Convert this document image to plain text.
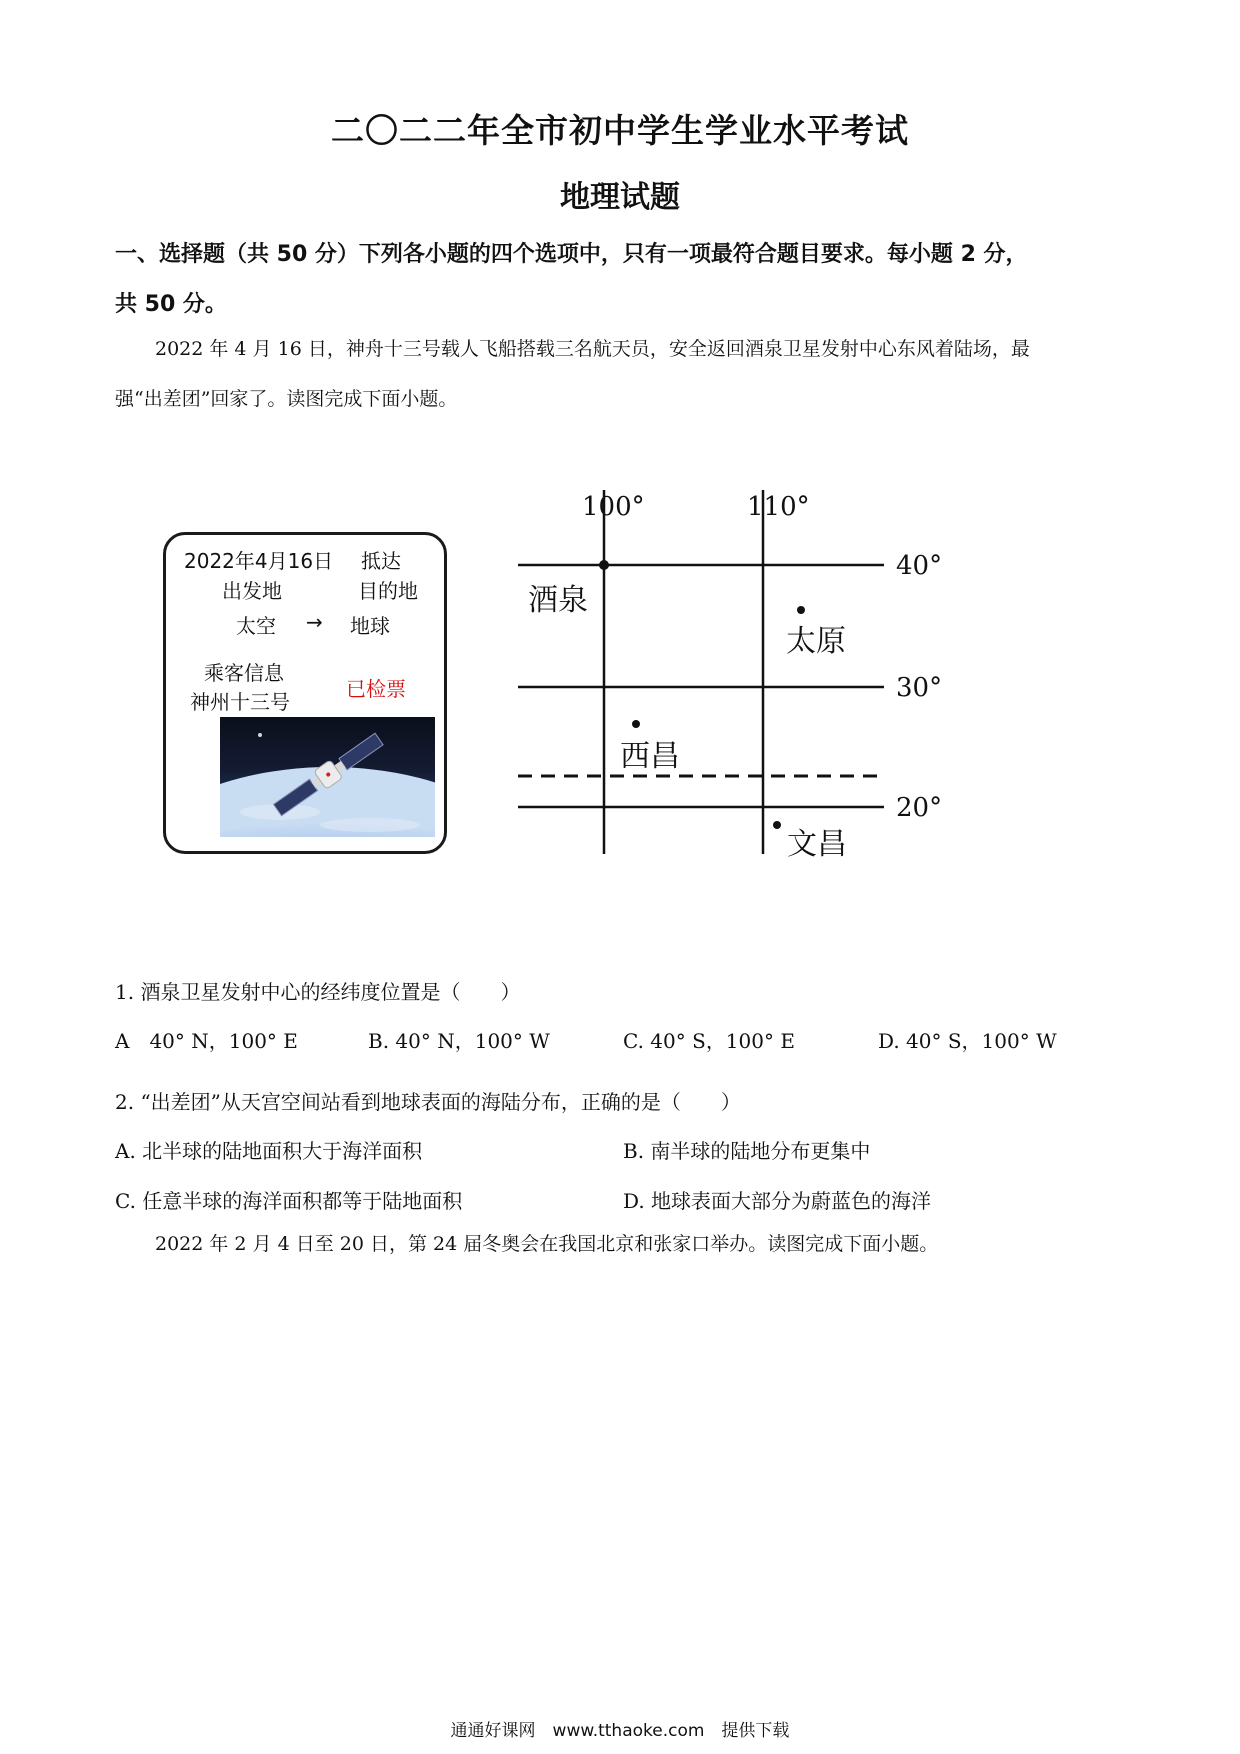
二〇二二年全市初中学生学业水平考试
地理试题
一、选择题（共 50 分）下列各小题的四个选项中，只有一项最符合题目要求。每小题 2 分，
共 50 分。
2022 年 4 月 16 日，神舟十三号载人飞船搭载三名航天员，安全返回酒泉卫星发射中心东风着陆场，最
强“出差团”回家了。读图完成下面小题。
2022年4月16日 抵达
出发地	目的地
太空 → 地球
乘客信息
神州十三号
已检票
100°	110°
40°
30°
20°
酒泉
太原
西昌
文昌
1. 酒泉卫星发射中心的经纬度位置是（　　）
A　40° N，100° E	B. 40° N，100° W	C. 40° S，100° E	D. 40° S，100° W
2. “出差团”从天宫空间站看到地球表面的海陆分布，正确的是（　　）
A. 北半球的陆地面积大于海洋面积	B. 南半球的陆地分布更集中
C. 任意半球的海洋面积都等于陆地面积	D. 地球表面大部分为蔚蓝色的海洋
2022 年 2 月 4 日至 20 日，第 24 届冬奥会在我国北京和张家口举办。读图完成下面小题。
通通好课网　www.tthaoke.com　提供下载
